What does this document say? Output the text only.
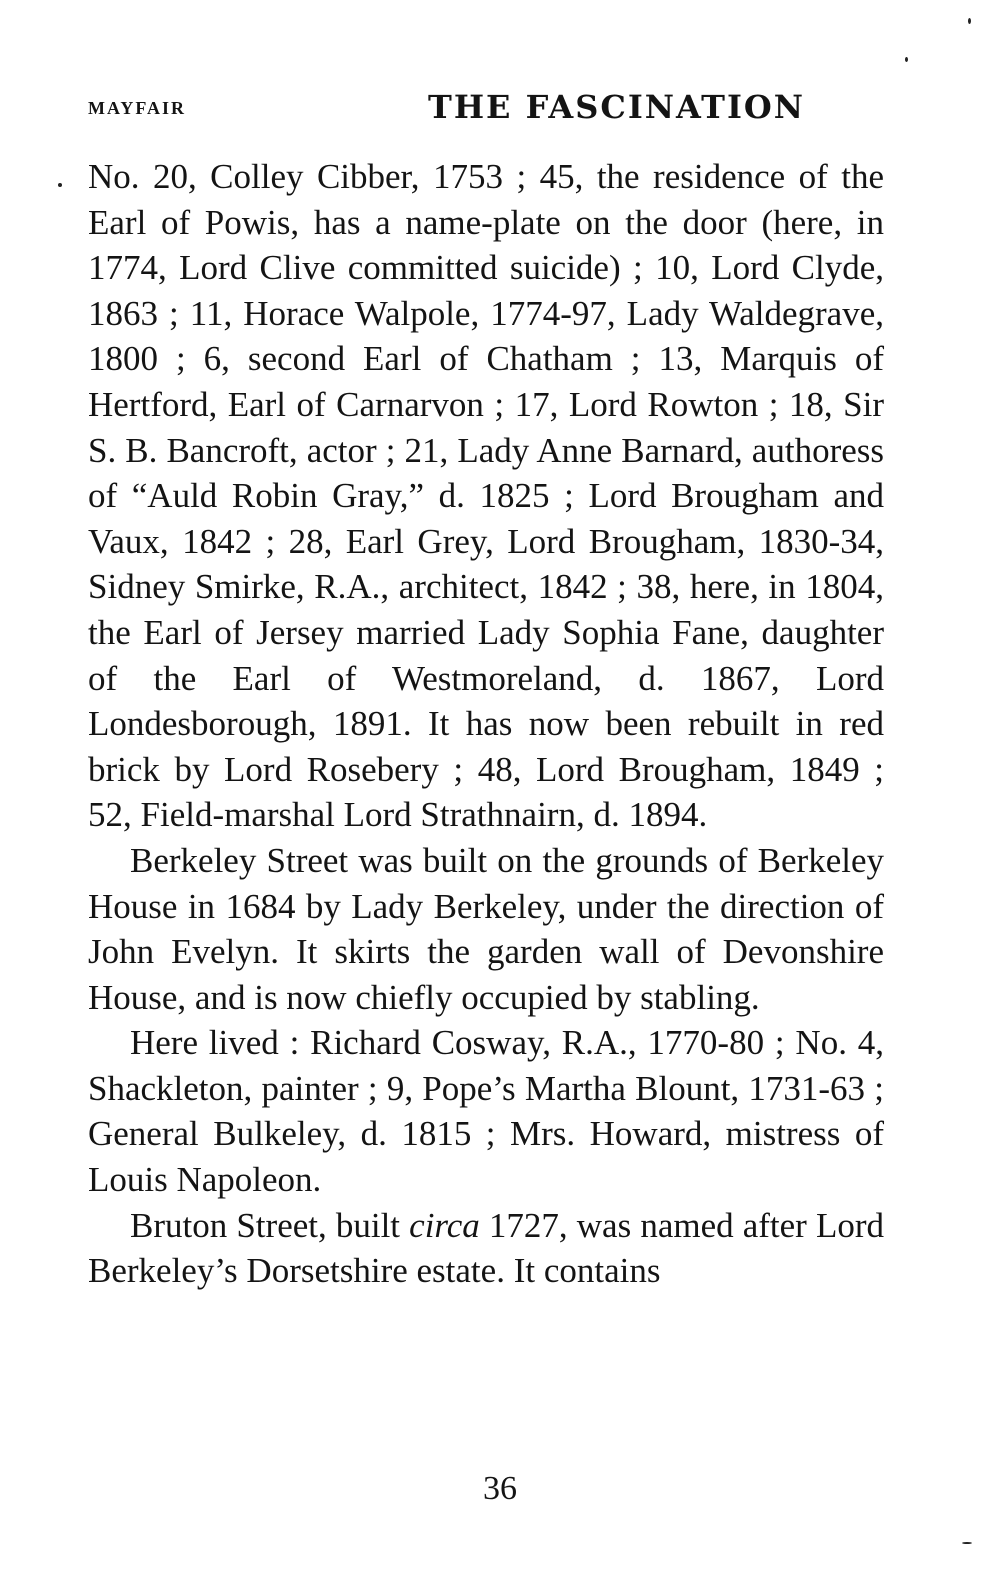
MAYFAIR	THE FASCINATION

No. 20, Colley Cibber, 1753 ; 45, the residence of the Earl of Powis, has a name-plate on the door (here, in 1774, Lord Clive committed suicide) ; 10, Lord Clyde, 1863 ; 11, Horace Walpole, 1774-97, Lady Waldegrave, 1800 ; 6, second Earl of Chatham ; 13, Marquis of Hertford, Earl of Carnarvon ; 17, Lord Rowton ; 18, Sir S. B. Bancroft, actor ; 21, Lady Anne Barnard, authoress of “Auld Robin Gray,” d. 1825 ; Lord Brougham and Vaux, 1842 ; 28, Earl Grey, Lord Brougham, 1830-34, Sidney Smirke, R.A., architect, 1842 ; 38, here, in 1804, the Earl of Jersey married Lady Sophia Fane, daughter of the Earl of Westmoreland, d. 1867, Lord Londesborough, 1891. It has now been rebuilt in red brick by Lord Rosebery ; 48, Lord Brougham, 1849 ; 52, Field-marshal Lord Strathnairn, d. 1894.

Berkeley Street was built on the grounds of Berkeley House in 1684 by Lady Berkeley, under the direction of John Evelyn. It skirts the garden wall of Devonshire House, and is now chiefly occupied by stabling.

Here lived : Richard Cosway, R.A., 1770-80 ; No. 4, Shackleton, painter ; 9, Pope’s Martha Blount, 1731-63 ; General Bulkeley, d. 1815 ; Mrs. Howard, mistress of Louis Napoleon.

Bruton Street, built circa 1727, was named after Lord Berkeley’s Dorsetshire estate. It contains

36
